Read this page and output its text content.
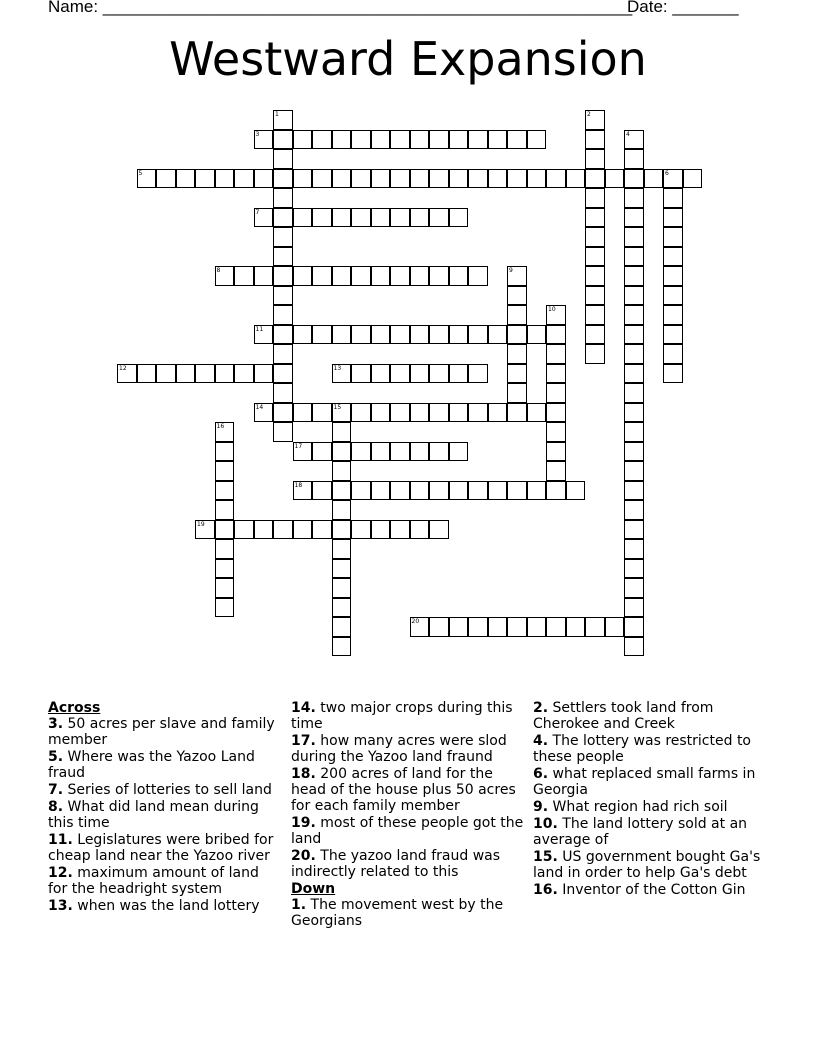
Name: ________________________________________________________
Date: _______
Westward Expansion
1	2
3	4
5	6
7
8	9
10
11
12	13
14	15
16
17
18
19
20
Across
3. 50 acres per slave and family member
5. Where was the Yazoo Land fraud
7. Series of lotteries to sell land
8. What did land mean during this time
11. Legislatures were bribed for cheap land near the Yazoo river
12. maximum amount of land for the headright system
13. when was the land lottery
14. two major crops during this time
17. how many acres were slod during the Yazoo land fraund
18. 200 acres of land for the head of the house plus 50 acres for each family member
19. most of these people got the land
20. The yazoo land fraud was indirectly related to this
Down
1. The movement west by the Georgians
2. Settlers took land from Cherokee and Creek
4. The lottery was restricted to these people
6. what replaced small farms in Georgia
9. What region had rich soil
10. The land lottery sold at an average of
15. US government bought Ga's land in order to help Ga's debt
16. Inventor of the Cotton Gin
